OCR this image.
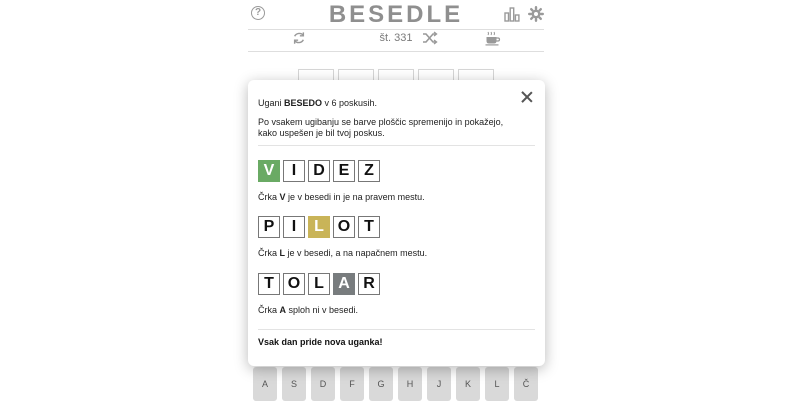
?	BESEDLE
št. 331
A	S	D	F	G	H	J	K	L	Č
Ugani BESEDO v 6 poskusih.
Po vsakem ugibanju se barve ploščic spremenijo in pokažejo, kako uspešen je bil tvoj poskus.
V	I	D E Z
Črka V je v besedi in je na pravem mestu.
P	I	L O T
Črka L je v besedi, a na napačnem mestu.
T O L A R
Črka A sploh ni v besedi.
Vsak dan pride nova uganka!
